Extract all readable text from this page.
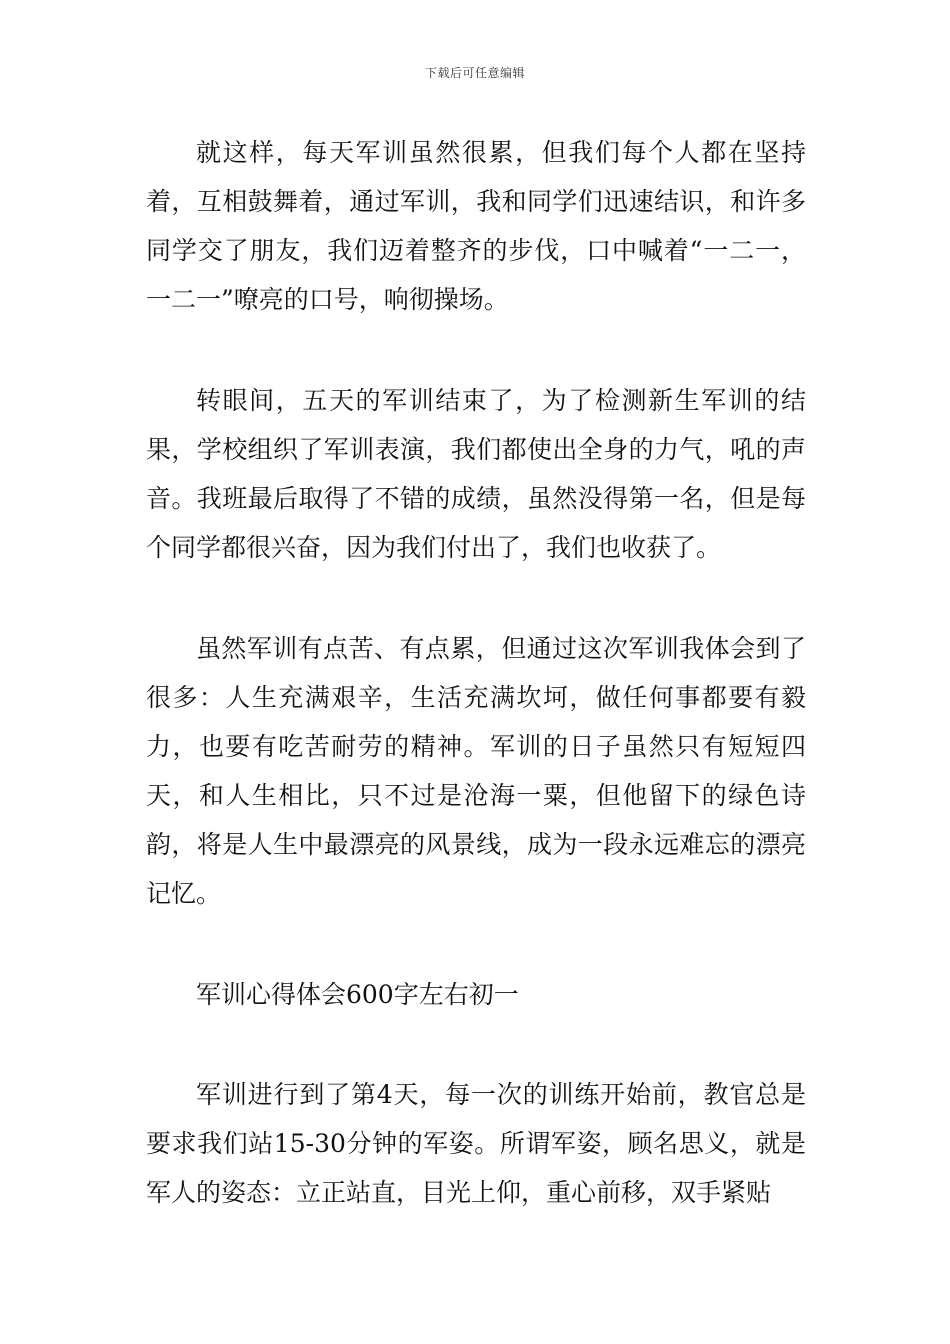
下载后可任意编辑

就这样，每天军训虽然很累，但我们每个人都在坚持着，互相鼓舞着，通过军训，我和同学们迅速结识，和许多同学交了朋友，我们迈着整齐的步伐，口中喊着“一二一，一二一”嘹亮的口号，响彻操场。

转眼间，五天的军训结束了，为了检测新生军训的结果，学校组织了军训表演，我们都使出全身的力气，吼的声音。我班最后取得了不错的成绩，虽然没得第一名，但是每个同学都很兴奋，因为我们付出了，我们也收获了。

虽然军训有点苦、有点累，但通过这次军训我体会到了很多：人生充满艰辛，生活充满坎坷，做任何事都要有毅力，也要有吃苦耐劳的精神。军训的日子虽然只有短短四天，和人生相比，只不过是沧海一粟，但他留下的绿色诗韵，将是人生中最漂亮的风景线，成为一段永远难忘的漂亮记忆。

军训心得体会600字左右初一

军训进行到了第4天，每一次的训练开始前，教官总是要求我们站15-30分钟的军姿。所谓军姿，顾名思义，就是军人的姿态：立正站直，目光上仰，重心前移，双手紧贴
